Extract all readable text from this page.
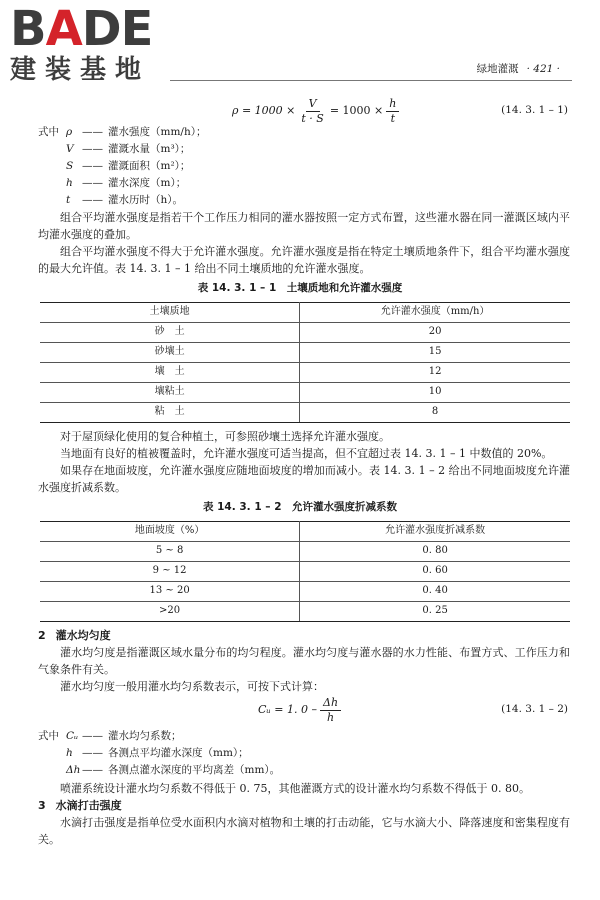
BADE
建装基地	绿地灌溉 · 421 ·
$\rho = 1000 \times \frac{V}{t \cdot S} = 1000 \times \frac{h}{t}$	(14. 3. 1 – 1)
式中 ρ —— 灌水强度（mm/h）；
V —— 灌溉水量（m³）；
S —— 灌溉面积（m²）；
h —— 灌水深度（m）；
t	—— 灌水历时（h）。

组合平均灌水强度是指若干个工作压力相同的灌水器按照一定方式布置，这些灌水器在同一灌溉区域内平均灌水强度的叠加。

组合平均灌水强度不得大于允许灌水强度。允许灌水强度是指在特定土壤质地条件下，组合平均灌水强度的最大允许值。表 14. 3. 1 – 1 给出不同土壤质地的允许灌水强度。

表 14. 3. 1 – 1　土壤质地和允许灌水强度
土壤质地	允许灌水强度（mm/h）
砂　土	20
砂壤土	15
壤　土	12
壤粘土	10
粘　土	8

对于屋顶绿化使用的复合种植土，可参照砂壤土选择允许灌水强度。

当地面有良好的植被覆盖时，允许灌水强度可适当提高，但不宜超过表 14. 3. 1 – 1 中数值的 20%。

如果存在地面坡度，允许灌水强度应随地面坡度的增加而减小。表 14. 3. 1 – 2 给出不同地面坡度允许灌水强度折减系数。

表 14. 3. 1 – 2　允许灌水强度折减系数
地面坡度（%）	允许灌水强度折减系数
5 ~ 8	0. 80
9 ~ 12	0. 60
13 ~ 20	0. 40
>20	0. 25
2 灌水均匀度

灌水均匀度是指灌溉区域水量分布的均匀程度。灌水均匀度与灌水器的水力性能、布置方式、工作压力和气象条件有关。

灌水均匀度一般用灌水均匀系数表示，可按下式计算：

Cᵤ = 1. $0 - \frac{\Delta h}{h}$	(14. 3. 1 – 2)
式中 Cᵤ —— 灌水均匀系数；
h —— 各测点平均灌水深度（mm）；
Δh —— 各测点灌水深度的平均离差（mm）。

喷灌系统设计灌水均匀系数不得低于 0. 75，其他灌溉方式的设计灌水均匀系数不得低于 0. 80。

3 水滴打击强度

水滴打击强度是指单位受水面积内水滴对植物和土壤的打击动能，它与水滴大小、降落速度和密集程度有关。
